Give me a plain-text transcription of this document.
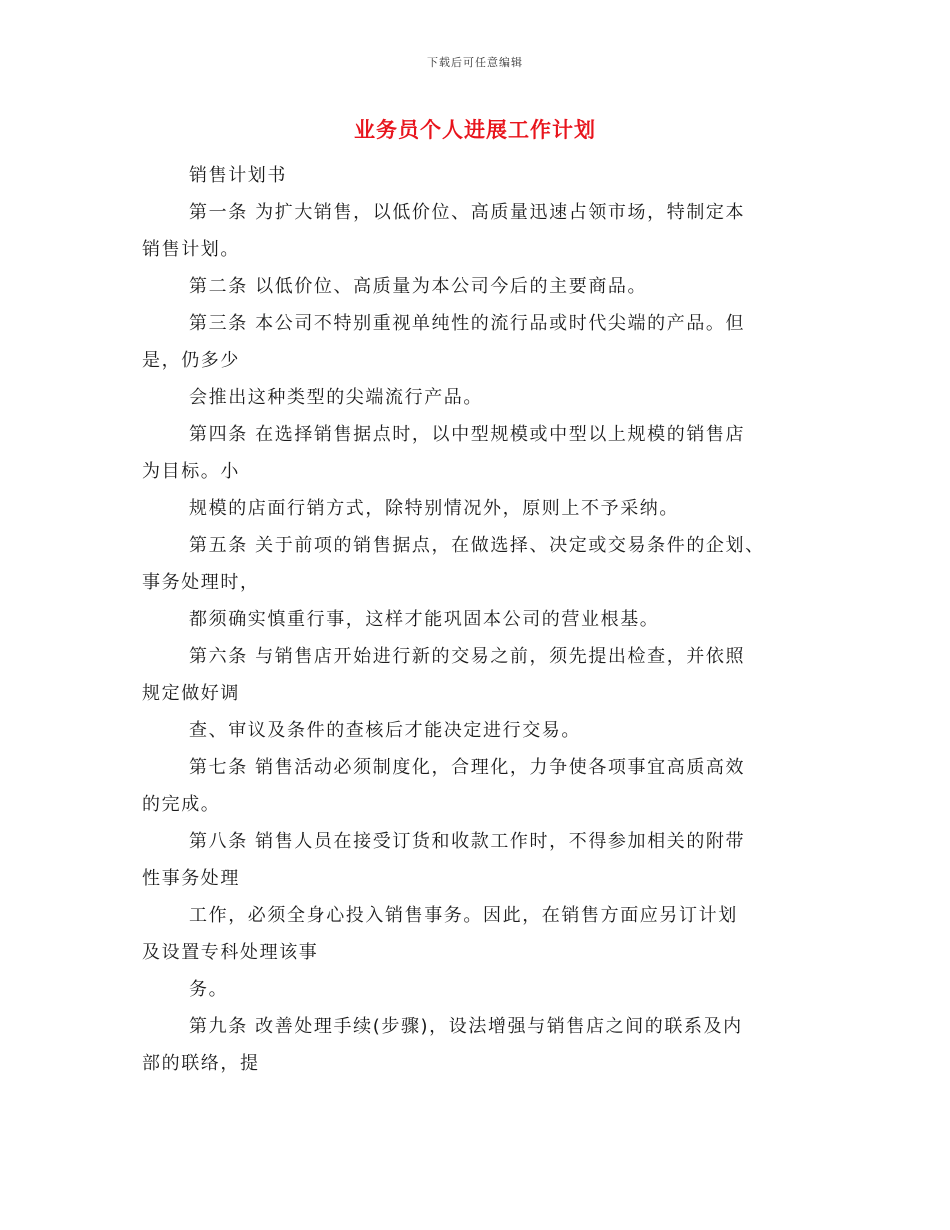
下载后可任意编辑
业务员个人进展工作计划
销售计划书
第一条 为扩大销售，以低价位、高质量迅速占领市场，特制定本
销售计划。
第二条 以低价位、高质量为本公司今后的主要商品。
第三条 本公司不特别重视单纯性的流行品或时代尖端的产品。但
是，仍多少
会推出这种类型的尖端流行产品。
第四条 在选择销售据点时，以中型规模或中型以上规模的销售店
为目标。小
规模的店面行销方式，除特别情况外，原则上不予采纳。
第五条 关于前项的销售据点，在做选择、决定或交易条件的企划、
事务处理时，
都须确实慎重行事，这样才能巩固本公司的营业根基。
第六条 与销售店开始进行新的交易之前，须先提出检查，并依照
规定做好调
查、审议及条件的查核后才能决定进行交易。
第七条 销售活动必须制度化，合理化，力争使各项事宜高质高效
的完成。
第八条 销售人员在接受订货和收款工作时，不得参加相关的附带
性事务处理
工作，必须全身心投入销售事务。因此，在销售方面应另订计划
及设置专科处理该事
务。
第九条 改善处理手续(步骤)，设法增强与销售店之间的联系及内
部的联络，提
